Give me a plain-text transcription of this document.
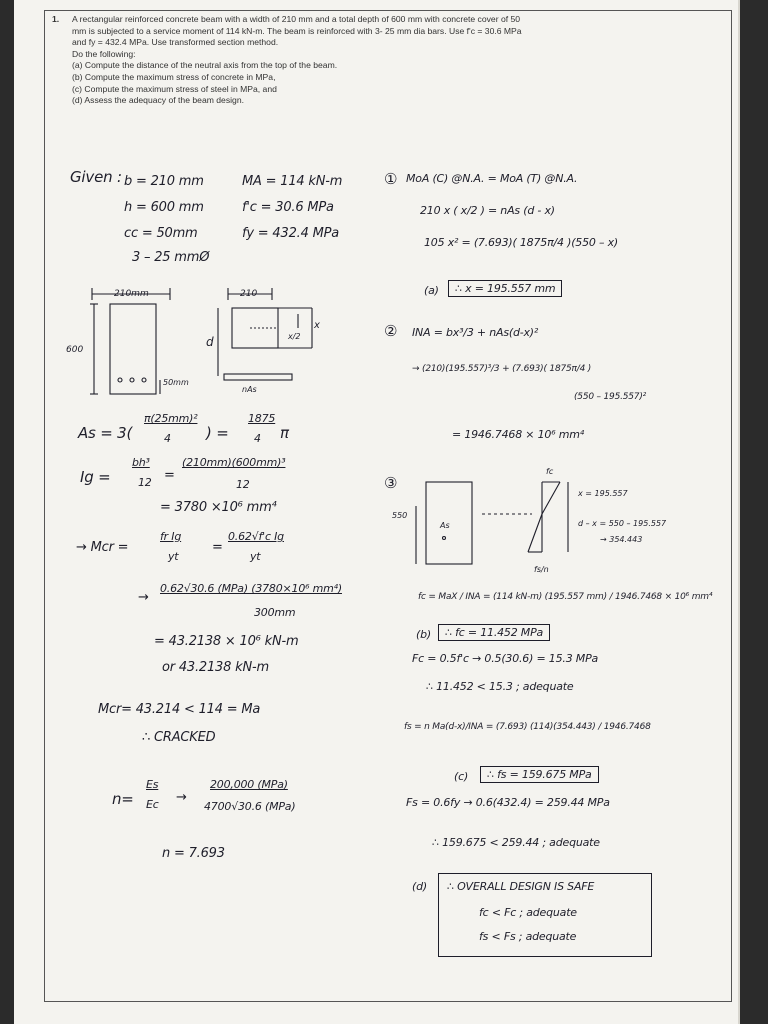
1. A rectangular reinforced concrete beam with a width of 210 mm and a total depth of 600 mm with concrete cover of 50
mm is subjected to a service moment of 114 kN-m. The beam is reinforced with 3- 25 mm dia bars. Use f'c = 30.6 MPa
and fy = 432.4 MPa. Use transformed section method.
Do the following:
(a) Compute the distance of the neutral axis from the top of the beam.
(b) Compute the maximum stress of concrete in MPa,
(c) Compute the maximum stress of steel in MPa, and
(d) Assess the adequacy of the beam design.
Given : b = 210 mm
h = 600 mm
cc = 50mm
3 – 25 mmØ
MA = 114 kN-m
f'c = 30.6 MPa
fy = 432.4 MPa
210mm
600
50mm
210
d
x
x/2
nAs
As = 3(
π(25mm)²
4 ) =
1875
4 π
Ig =
bh³
12 =
(210mm)(600mm)³
12
= 3780 ×10⁶ mm⁴
→ Mcr =
fr Ig
yt
=
0.62√f'c Ig
yt
→
0.62√30.6 (MPa) (3780×10⁶ mm⁴)
300mm
= 43.2138 × 10⁶ kN-m
or 43.2138 kN-m
Mcr= 43.214 < 114 = Ma
∴ CRACKED
n=
Es
Ec →
200,000 (MPa)
4700√30.6 (MPa)
n = 7.693
① MoA (C) @N.A. = MoA (T) @N.A.
210 x ( x/2 ) = nAs (d - x)
105 x² = (7.693)( 1875π/4 )(550 – x)
(a)	∴ x = 195.557 mm
② INA = bx³/3 + nAs(d-x)²
→ (210)(195.557)³/3 + (7.693)( 1875π/4 )
(550 – 195.557)²
= 1946.7468 × 10⁶ mm⁴
③
550
As
fc
fs/n
x = 195.557
d – x = 550 – 195.557
→ 354.443
fc = MaX / INA = (114 kN-m) (195.557 mm) / 1946.7468 × 10⁶ mm⁴
(b)	∴ fc = 11.452 MPa
Fc = 0.5f'c → 0.5(30.6) = 15.3 MPa
∴ 11.452 < 15.3 ; adequate
fs = n Ma(d-x)/INA = (7.693) (114)(354.443) / 1946.7468
(c)	∴ fs = 159.675 MPa
Fs = 0.6fy → 0.6(432.4) = 259.44 MPa
∴ 159.675 < 259.44 ; adequate
(d) ∴ OVERALL DESIGN IS SAFE
fc < Fc ; adequate
fs < Fs ; adequate
